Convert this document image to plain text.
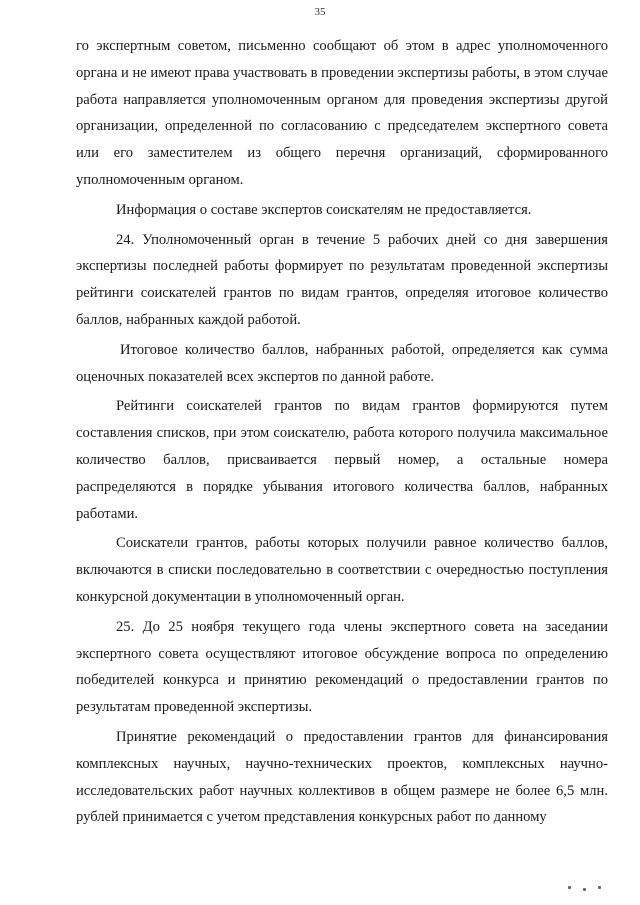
35

го экспертным советом, письменно сообщают об этом в адрес уполномоченного органа и не имеют права участвовать в проведении экспертизы работы, в этом случае работа направляется уполномоченным органом для проведения экспертизы другой организации, определенной по согласованию с председателем экспертного совета или его заместителем из общего перечня организаций, сформированного уполномоченным органом.

Информация о составе экспертов соискателям не предоставляется.

24. Уполномоченный орган в течение 5 рабочих дней со дня завершения экспертизы последней работы формирует по результатам проведенной экспертизы рейтинги соискателей грантов по видам грантов, определяя итоговое количество баллов, набранных каждой работой.

Итоговое количество баллов, набранных работой, определяется как сумма оценочных показателей всех экспертов по данной работе.

Рейтинги соискателей грантов по видам грантов формируются путем составления списков, при этом соискателю, работа которого получила максимальное количество баллов, присваивается первый номер, а остальные номера распределяются в порядке убывания итогового количества баллов, набранных работами.

Соискатели грантов, работы которых получили равное количество баллов, включаются в списки последовательно в соответствии с очередностью поступления конкурсной документации в уполномоченный орган.

25. До 25 ноября текущего года члены экспертного совета на заседании экспертного совета осуществляют итоговое обсуждение вопроса по определению победителей конкурса и принятию рекомендаций о предоставлении грантов по результатам проведенной экспертизы.

Принятие рекомендаций о предоставлении грантов для финансирования комплексных научных, научно-технических проектов, комплексных научно-исследовательских работ научных коллективов в общем размере не более 6,5 млн. рублей принимается с учетом представления конкурсных работ по данному
